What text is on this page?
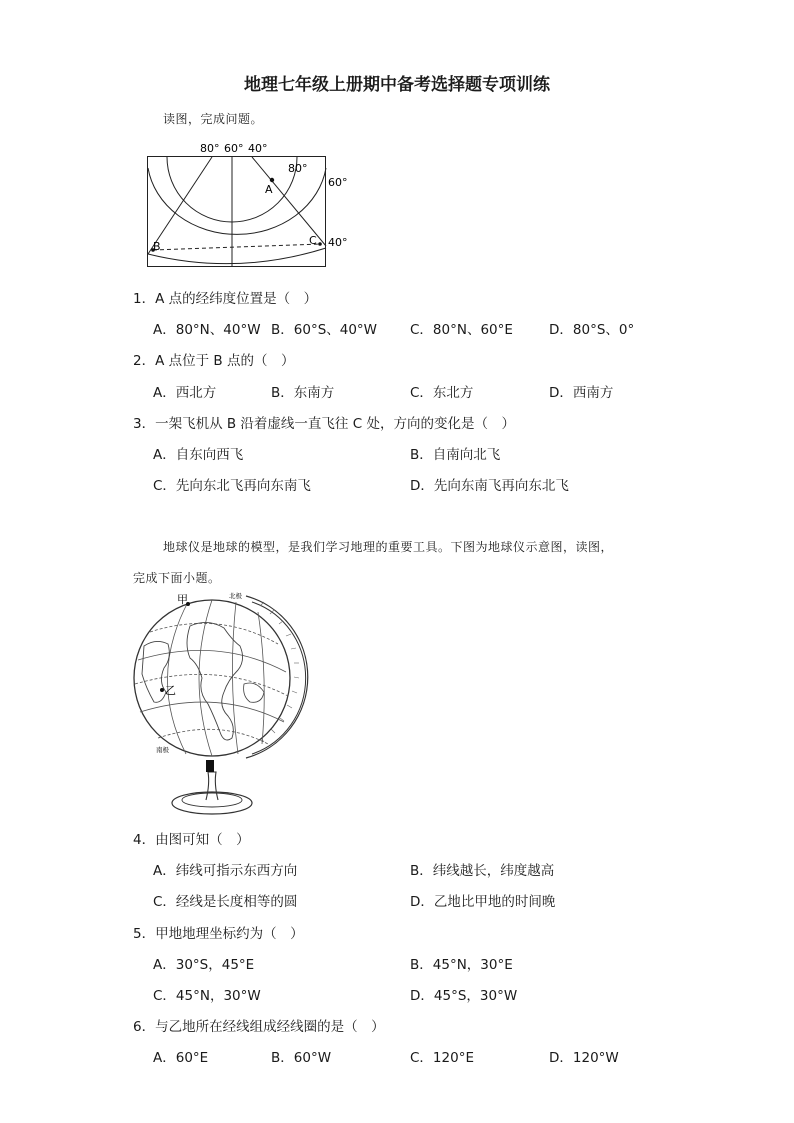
地理七年级上册期中备考选择题专项训练
读图，完成问题。
80° 60° 40°
80°
60°
40°
A
B	C
1．A 点的经纬度位置是（　）
A．80°N、40°W B．60°S、40°W C．80°N、60°E	D．80°S、0°
2．A 点位于 B 点的（　）
A．西北方	B．东南方	C．东北方	D．西南方
3．一架飞机从 B 沿着虚线一直飞往 C 处，方向的变化是（　）
A．自东向西飞	B．自南向北飞
C．先向东北飞再向东南飞	D．先向东南飞再向东北飞
地球仪是地球的模型，是我们学习地理的重要工具。下图为地球仪示意图，读图，
完成下面小题。
甲
乙
北极
南极
4．由图可知（　）
A．纬线可指示东西方向	B．纬线越长，纬度越高
C．经线是长度相等的圆	D．乙地比甲地的时间晚
5．甲地地理坐标约为（　）
A．30°S，45°E	B．45°N，30°E
C．45°N，30°W	D．45°S，30°W
6．与乙地所在经线组成经线圈的是（　）
A．60°E	B．60°W	C．120°E	D．120°W
